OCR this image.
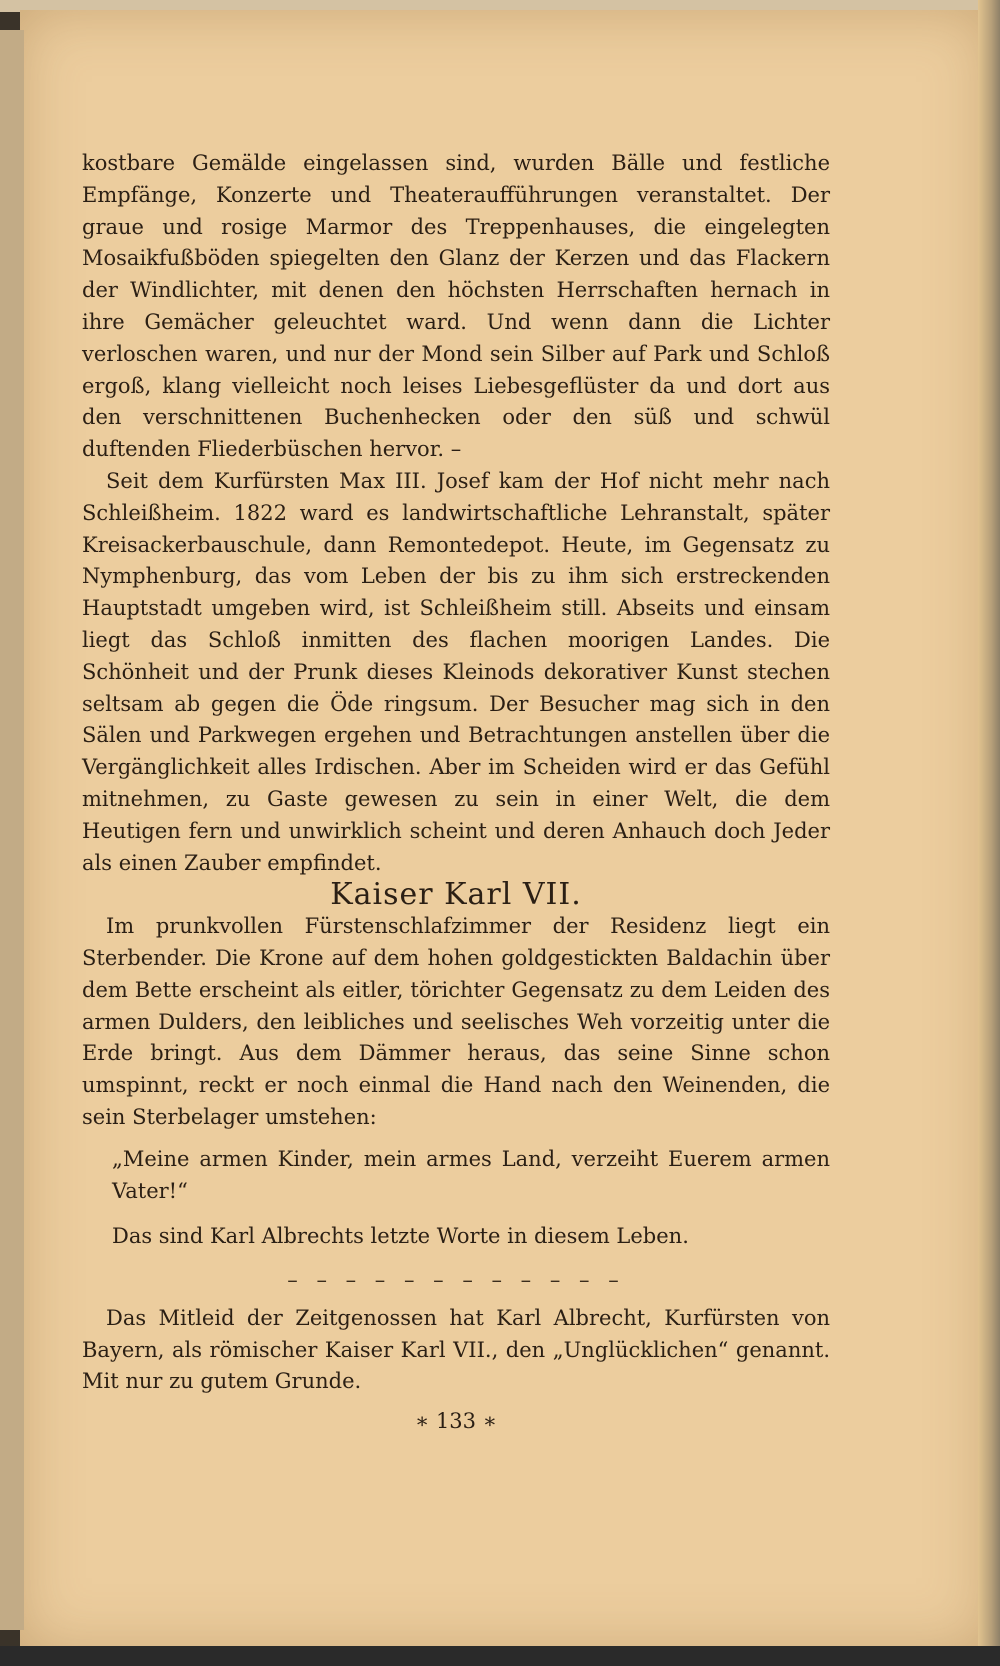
kostbare Gemälde eingelassen sind, wurden Bälle und festliche Empfänge, Konzerte und Theateraufführungen veranstaltet. Der graue und rosige Marmor des Treppenhauses, die eingelegten Mosaikfußböden spiegelten den Glanz der Kerzen und das Flackern der Windlichter, mit denen den höchsten Herrschaften hernach in ihre Gemächer geleuchtet ward. Und wenn dann die Lichter verloschen waren, und nur der Mond sein Silber auf Park und Schloß ergoß, klang vielleicht noch leises Liebesgeflüster da und dort aus den verschnittenen Buchenhecken oder den süß und schwül duftenden Fliederbüschen hervor. –

Seit dem Kurfürsten Max III. Josef kam der Hof nicht mehr nach Schleißheim. 1822 ward es landwirtschaftliche Lehranstalt, später Kreisackerbauschule, dann Remontedepot. Heute, im Gegensatz zu Nymphenburg, das vom Leben der bis zu ihm sich erstreckenden Hauptstadt umgeben wird, ist Schleißheim still. Abseits und einsam liegt das Schloß inmitten des flachen moorigen Landes. Die Schönheit und der Prunk dieses Kleinods dekorativer Kunst stechen seltsam ab gegen die Öde ringsum. Der Besucher mag sich in den Sälen und Parkwegen ergehen und Betrachtungen anstellen über die Vergänglichkeit alles Irdischen. Aber im Scheiden wird er das Gefühl mitnehmen, zu Gaste gewesen zu sein in einer Welt, die dem Heutigen fern und unwirklich scheint und deren Anhauch doch Jeder als einen Zauber empfindet.

Kaiser Karl VII.

Im prunkvollen Fürstenschlafzimmer der Residenz liegt ein Sterbender. Die Krone auf dem hohen goldgestickten Baldachin über dem Bette erscheint als eitler, törichter Gegensatz zu dem Leiden des armen Dulders, den leibliches und seelisches Weh vorzeitig unter die Erde bringt. Aus dem Dämmer heraus, das seine Sinne schon umspinnt, reckt er noch einmal die Hand nach den Weinenden, die sein Sterbelager umstehen:

„Meine armen Kinder, mein armes Land, verzeiht Euerem armen Vater!“

Das sind Karl Albrechts letzte Worte in diesem Leben.

– – – – – – – – – – – –

Das Mitleid der Zeitgenossen hat Karl Albrecht, Kurfürsten von Bayern, als römischer Kaiser Karl VII., den „Unglücklichen“ genannt. Mit nur zu gutem Grunde.

∗ 133 ∗
